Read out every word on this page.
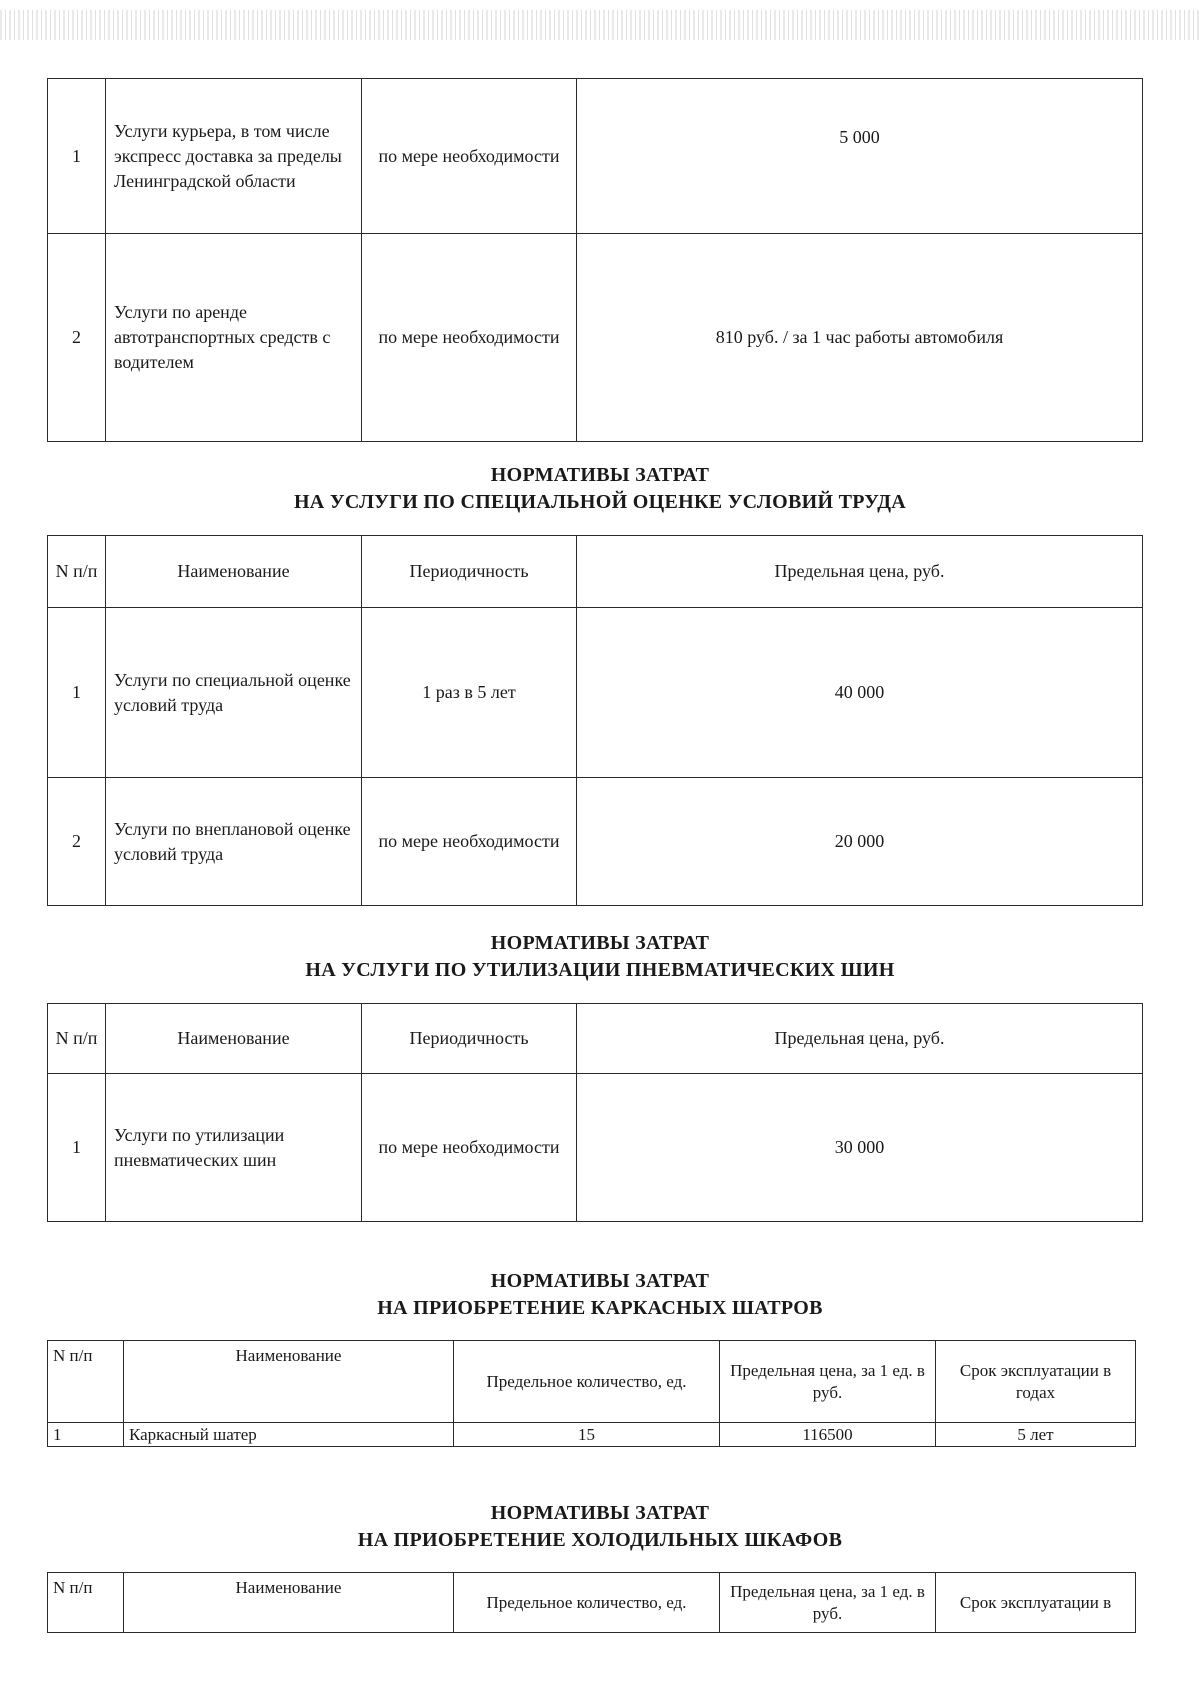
1	Услуги курьера, в том числе экспресс доставка за пределы Ленинградской области	по мере необходимости	5 000
2	Услуги по аренде автотранспортных средств с водителем	по мере необходимости	810 руб. / за 1 час работы автомобиля
НОРМАТИВЫ ЗАТРАТ
НА УСЛУГИ ПО СПЕЦИАЛЬНОЙ ОЦЕНКЕ УСЛОВИЙ ТРУДА
N п/п	Наименование	Периодичность	Предельная цена, руб.
1	Услуги по специальной оценке условий труда	1 раз в 5 лет	40 000
2	Услуги по внеплановой оценке условий труда	по мере необходимости	20 000
НОРМАТИВЫ ЗАТРАТ
НА УСЛУГИ ПО УТИЛИЗАЦИИ ПНЕВМАТИЧЕСКИХ ШИН
N п/п	Наименование	Периодичность	Предельная цена, руб.
1	Услуги по утилизации пневматических шин	по мере необходимости	30 000
НОРМАТИВЫ ЗАТРАТ
НА ПРИОБРЕТЕНИЕ КАРКАСНЫХ ШАТРОВ
N п/п	Наименование	Предельное количество, ед.	Предельная цена, за 1 ед. в руб.	Срок эксплуатации в годах
1	Каркасный шатер	15	116500	5 лет
НОРМАТИВЫ ЗАТРАТ
НА ПРИОБРЕТЕНИЕ ХОЛОДИЛЬНЫХ ШКАФОВ
N п/п	Наименование	Предельное количество, ед.	Предельная цена, за 1 ед. в руб.	Срок эксплуатации в
